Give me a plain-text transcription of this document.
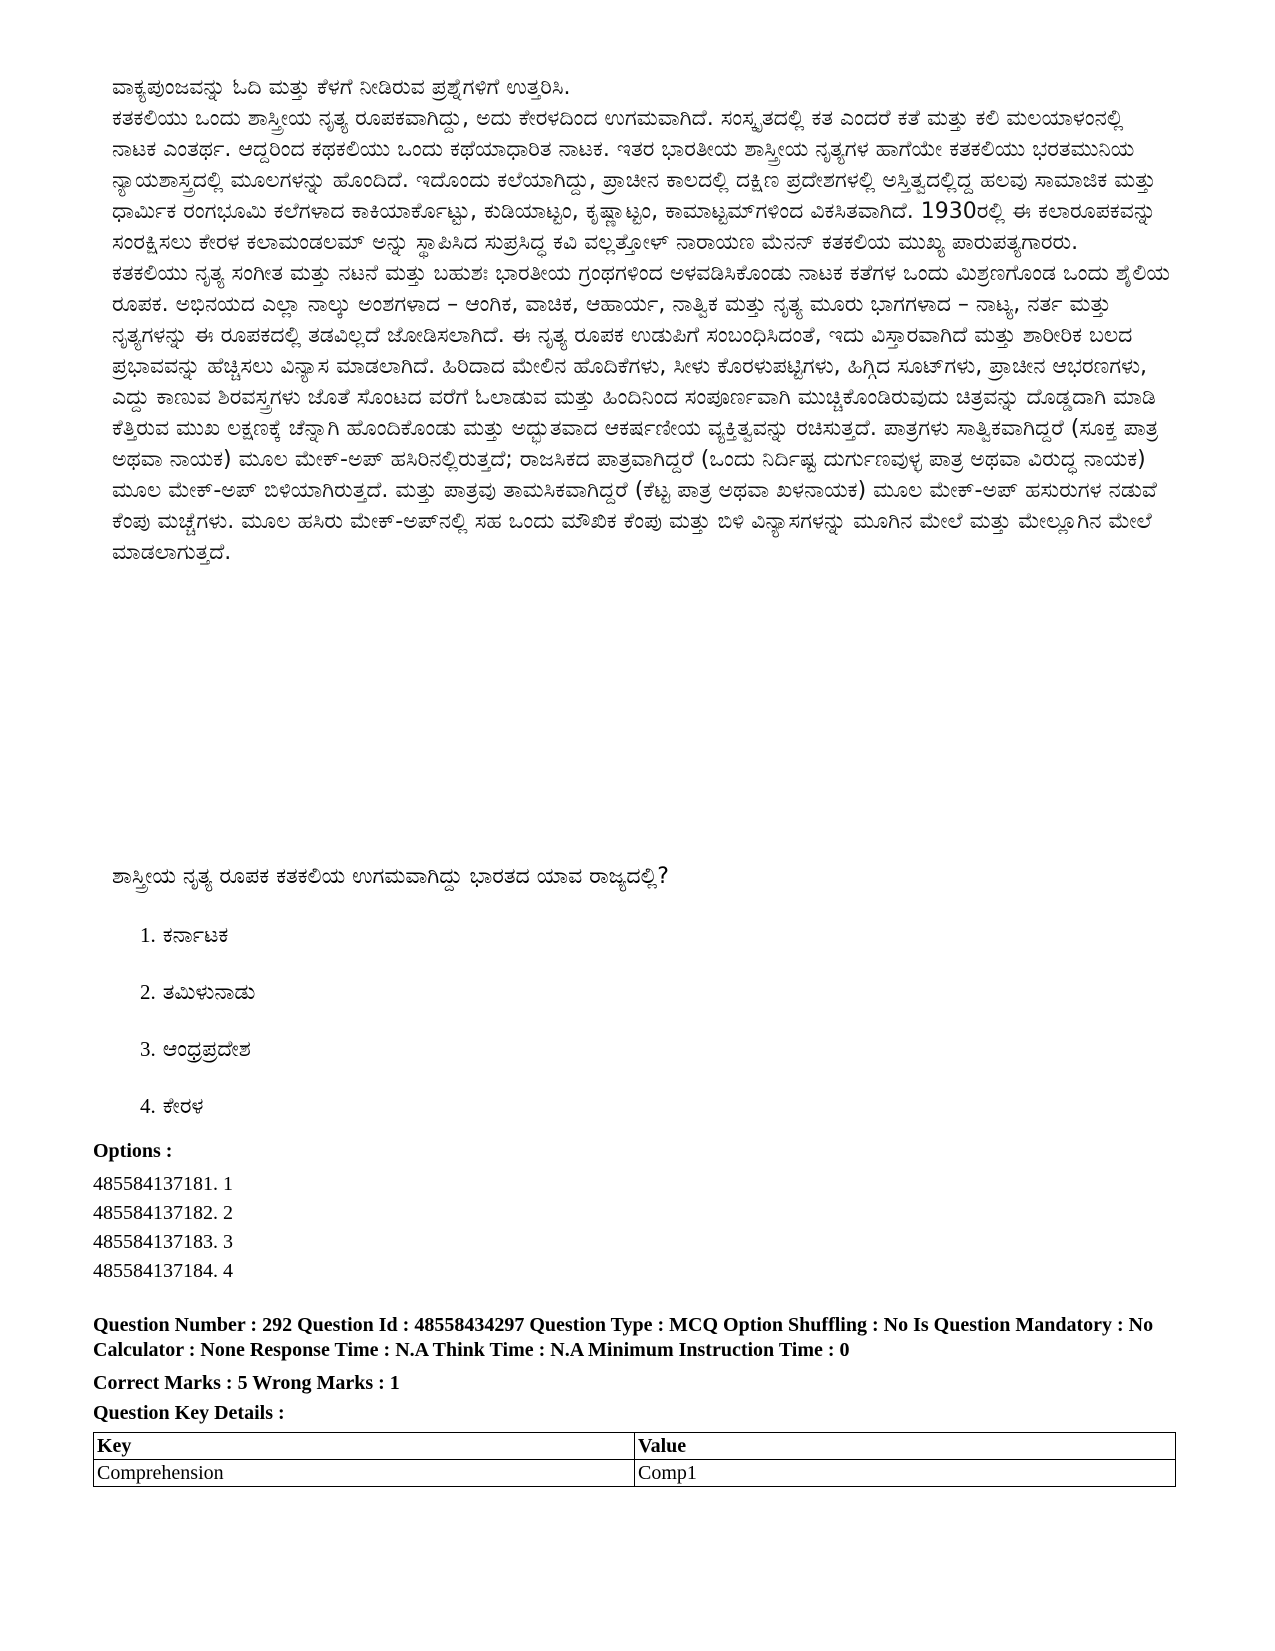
ವಾಕ್ಯಪುಂಜವನ್ನು ಓದಿ ಮತ್ತು ಕೆಳಗೆ ನೀಡಿರುವ ಪ್ರಶ್ನೆಗಳಿಗೆ ಉತ್ತರಿಸಿ.

ಕತಕಲಿಯು ಒಂದು ಶಾಸ್ತ್ರೀಯ ನೃತ್ಯ ರೂಪಕವಾಗಿದ್ದು, ಅದು ಕೇರಳದಿಂದ ಉಗಮವಾಗಿದೆ. ಸಂಸ್ಕೃತದಲ್ಲಿ ಕತ ಎಂದರೆ ಕತೆ ಮತ್ತು ಕಲಿ ಮಲಯಾಳಂನಲ್ಲಿ ನಾಟಕ ಎಂತರ್ಥ. ಆದ್ದರಿಂದ ಕಥಕಲಿಯು ಒಂದು ಕಥೆಯಾಧಾರಿತ ನಾಟಕ. ಇತರ ಭಾರತೀಯ ಶಾಸ್ತ್ರೀಯ ನೃತ್ಯಗಳ ಹಾಗೆಯೇ ಕತಕಲಿಯು ಭರತಮುನಿಯ ನ್ಯಾಯಶಾಸ್ತ್ರದಲ್ಲಿ ಮೂಲಗಳನ್ನು ಹೊಂದಿದೆ. ಇದೊಂದು ಕಲೆಯಾಗಿದ್ದು, ಪ್ರಾಚೀನ ಕಾಲದಲ್ಲಿ ದಕ್ಷಿಣ ಪ್ರದೇಶಗಳಲ್ಲಿ ಅಸ್ತಿತ್ವದಲ್ಲಿದ್ದ ಹಲವು ಸಾಮಾಜಿಕ ಮತ್ತು ಧಾರ್ಮಿಕ ರಂಗಭೂಮಿ ಕಲೆಗಳಾದ ಕಾಕಿಯಾರ್ಕೊಟ್ಟು, ಕುಡಿಯಾಟ್ಟಂ, ಕೃಷ್ಣಾಟ್ಟಂ, ಕಾಮಾಟ್ಟಮ್‌ಗಳಿಂದ ವಿಕಸಿತವಾಗಿದೆ. 1930ರಲ್ಲಿ ಈ ಕಲಾರೂಪಕವನ್ನು ಸಂರಕ್ಷಿಸಲು ಕೇರಳ ಕಲಾಮಂಡಲಮ್ ಅನ್ನು ಸ್ಥಾಪಿಸಿದ ಸುಪ್ರಸಿದ್ಧ ಕವಿ ವಲ್ಲತ್ತೋಳ್ ನಾರಾಯಣ ಮೆನನ್ ಕತಕಲಿಯ ಮುಖ್ಯ ಪಾರುಪತ್ಯಗಾರರು.

ಕತಕಲಿಯು ನೃತ್ಯ ಸಂಗೀತ ಮತ್ತು ನಟನೆ ಮತ್ತು ಬಹುಶಃ ಭಾರತೀಯ ಗ್ರಂಥಗಳಿಂದ ಅಳವಡಿಸಿಕೊಂಡು ನಾಟಕ ಕತೆಗಳ ಒಂದು ಮಿಶ್ರಣಗೊಂಡ ಒಂದು ಶೈಲಿಯ ರೂಪಕ. ಅಭಿನಯದ ಎಲ್ಲಾ ನಾಲ್ಕು ಅಂಶಗಳಾದ – ಆಂಗಿಕ, ವಾಚಿಕ, ಆಹಾರ್ಯ, ನಾತ್ವಿಕ ಮತ್ತು ನೃತ್ಯ ಮೂರು ಭಾಗಗಳಾದ – ನಾಟ್ಯ, ನರ್ತ ಮತ್ತು ನೃತ್ಯಗಳನ್ನು ಈ ರೂಪಕದಲ್ಲಿ ತಡವಿಲ್ಲದೆ ಜೋಡಿಸಲಾಗಿದೆ. ಈ ನೃತ್ಯ ರೂಪಕ ಉಡುಪಿಗೆ ಸಂಬಂಧಿಸಿದಂತೆ, ಇದು ವಿಸ್ತಾರವಾಗಿದೆ ಮತ್ತು ಶಾರೀರಿಕ ಬಲದ ಪ್ರಭಾವವನ್ನು ಹೆಚ್ಚಿಸಲು ವಿನ್ಯಾಸ ಮಾಡಲಾಗಿದೆ. ಹಿರಿದಾದ ಮೇಲಿನ ಹೊದಿಕೆಗಳು, ಸೀಳು ಕೊರಳುಪಟ್ಟಿಗಳು, ಹಿಗ್ಗಿದ ಸೂಟ್‌ಗಳು, ಪ್ರಾಚೀನ ಆಭರಣಗಳು, ಎದ್ದು ಕಾಣುವ ಶಿರವಸ್ತ್ರಗಳು ಜೊತೆ ಸೊಂಟದ ವರೆಗೆ ಓಲಾಡುವ ಮತ್ತು ಹಿಂದಿನಿಂದ ಸಂಪೂರ್ಣವಾಗಿ ಮುಚ್ಚಿಕೊಂಡಿರುವುದು ಚಿತ್ರವನ್ನು ದೊಡ್ಡದಾಗಿ ಮಾಡಿ ಕೆತ್ತಿರುವ ಮುಖ ಲಕ್ಷಣಕ್ಕೆ ಚೆನ್ನಾಗಿ ಹೊಂದಿಕೊಂಡು ಮತ್ತು ಅದ್ಭುತವಾದ ಆಕರ್ಷಣೀಯ ವ್ಯಕ್ತಿತ್ವವನ್ನು ರಚಿಸುತ್ತದೆ. ಪಾತ್ರಗಳು ಸಾತ್ವಿಕವಾಗಿದ್ದರೆ (ಸೂಕ್ತ ಪಾತ್ರ ಅಥವಾ ನಾಯಕ) ಮೂಲ ಮೇಕ್-ಅಪ್ ಹಸಿರಿನಲ್ಲಿರುತ್ತದೆ; ರಾಜಸಿಕದ ಪಾತ್ರವಾಗಿದ್ದರೆ (ಒಂದು ನಿರ್ದಿಷ್ಟ ದುರ್ಗುಣವುಳ್ಳ ಪಾತ್ರ ಅಥವಾ ವಿರುದ್ಧ ನಾಯಕ) ಮೂಲ ಮೇಕ್-ಅಪ್ ಬಿಳಿಯಾಗಿರುತ್ತದೆ. ಮತ್ತು ಪಾತ್ರವು ತಾಮಸಿಕವಾಗಿದ್ದರೆ (ಕೆಟ್ಟ ಪಾತ್ರ ಅಥವಾ ಖಳನಾಯಕ) ಮೂಲ ಮೇಕ್-ಅಪ್ ಹಸುರುಗಳ ನಡುವೆ ಕೆಂಪು ಮಚ್ಚೆಗಳು. ಮೂಲ ಹಸಿರು ಮೇಕ್-ಅಪ್‌ನಲ್ಲಿ ಸಹ ಒಂದು ಮೌಖಿಕ ಕೆಂಪು ಮತ್ತು ಬಿಳಿ ವಿನ್ಯಾಸಗಳನ್ನು ಮೂಗಿನ ಮೇಲೆ ಮತ್ತು ಮೇಲ್ಲೂಗಿನ ಮೇಲೆ ಮಾಡಲಾಗುತ್ತದೆ.

ಶಾಸ್ತ್ರೀಯ ನೃತ್ಯ ರೂಪಕ ಕತಕಲಿಯ ಉಗಮವಾಗಿದ್ದು ಭಾರತದ ಯಾವ ರಾಜ್ಯದಲ್ಲಿ?
1. ಕರ್ನಾಟಕ
2. ತಮಿಳುನಾಡು
3. ಆಂಧ್ರಪ್ರದೇಶ
4. ಕೇರಳ
Options :
485584137181. 1
485584137182. 2
485584137183. 3
485584137184. 4
Question Number : 292 Question Id : 48558434297 Question Type : MCQ Option Shuffling : No Is Question Mandatory : No Calculator : None Response Time : N.A Think Time : N.A Minimum Instruction Time : 0
Correct Marks : 5 Wrong Marks : 1
Question Key Details :
Key	Value
Comprehension	Comp1
